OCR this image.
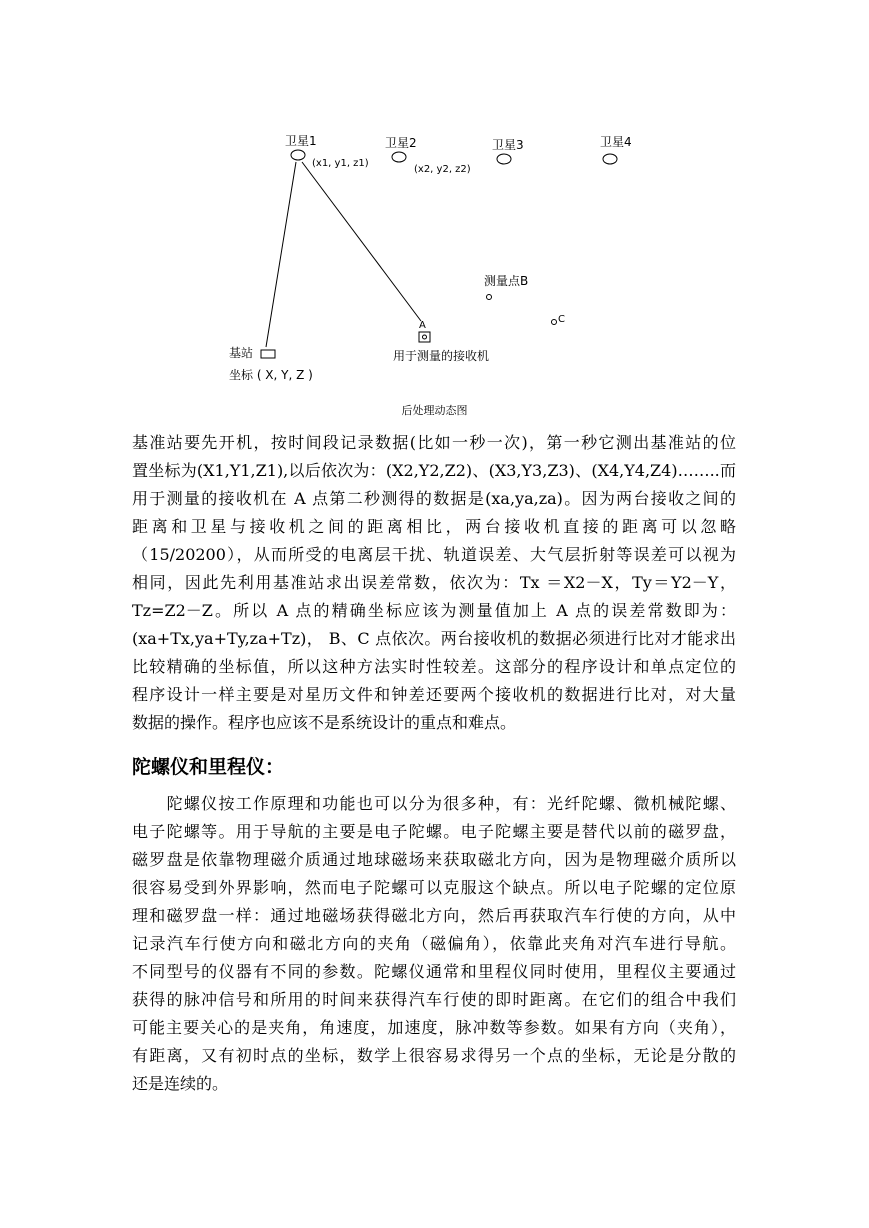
卫星1
(x1, y1, z1)
卫星2
(x2, y2, z2)
卫星3	卫星4
测量点B
C
A
用于测量的接收机
基站
坐标 ( X, Y, Z )
后处理动态图
基准站要先开机，按时间段记录数据(比如一秒一次)，第一秒它测出基准站的位
置坐标为(X1,Y1,Z1),以后依次为：(X2,Y2,Z2)、(X3,Y3,Z3)、(X4,Y4,Z4)……..而
用于测量的接收机在 A 点第二秒测得的数据是(xa,ya,za)。因为两台接收之间的
距离和卫星与接收机之间的距离相比，两台接收机直接的距离可以忽略
（15/20200），从而所受的电离层干扰、轨道误差、大气层折射等误差可以视为
相同，因此先利用基准站求出误差常数，依次为：Tx ＝X2－X，Ty＝Y2－Y，
Tz=Z2－Z。所以 A 点的精确坐标应该为测量值加上 A 点的误差常数即为：
(xa+Tx,ya+Ty,za+Tz)， B、C 点依次。两台接收机的数据必须进行比对才能求出
比较精确的坐标值，所以这种方法实时性较差。这部分的程序设计和单点定位的
程序设计一样主要是对星历文件和钟差还要两个接收机的数据进行比对，对大量
数据的操作。程序也应该不是系统设计的重点和难点。
陀螺仪和里程仪：
　　陀螺仪按工作原理和功能也可以分为很多种，有：光纤陀螺、微机械陀螺、
电子陀螺等。用于导航的主要是电子陀螺。电子陀螺主要是替代以前的磁罗盘，
磁罗盘是依靠物理磁介质通过地球磁场来获取磁北方向，因为是物理磁介质所以
很容易受到外界影响，然而电子陀螺可以克服这个缺点。所以电子陀螺的定位原
理和磁罗盘一样：通过地磁场获得磁北方向，然后再获取汽车行使的方向，从中
记录汽车行使方向和磁北方向的夹角（磁偏角），依靠此夹角对汽车进行导航。
不同型号的仪器有不同的参数。陀螺仪通常和里程仪同时使用，里程仪主要通过
获得的脉冲信号和所用的时间来获得汽车行使的即时距离。在它们的组合中我们
可能主要关心的是夹角，角速度，加速度，脉冲数等参数。如果有方向（夹角），
有距离，又有初时点的坐标，数学上很容易求得另一个点的坐标，无论是分散的
还是连续的。
